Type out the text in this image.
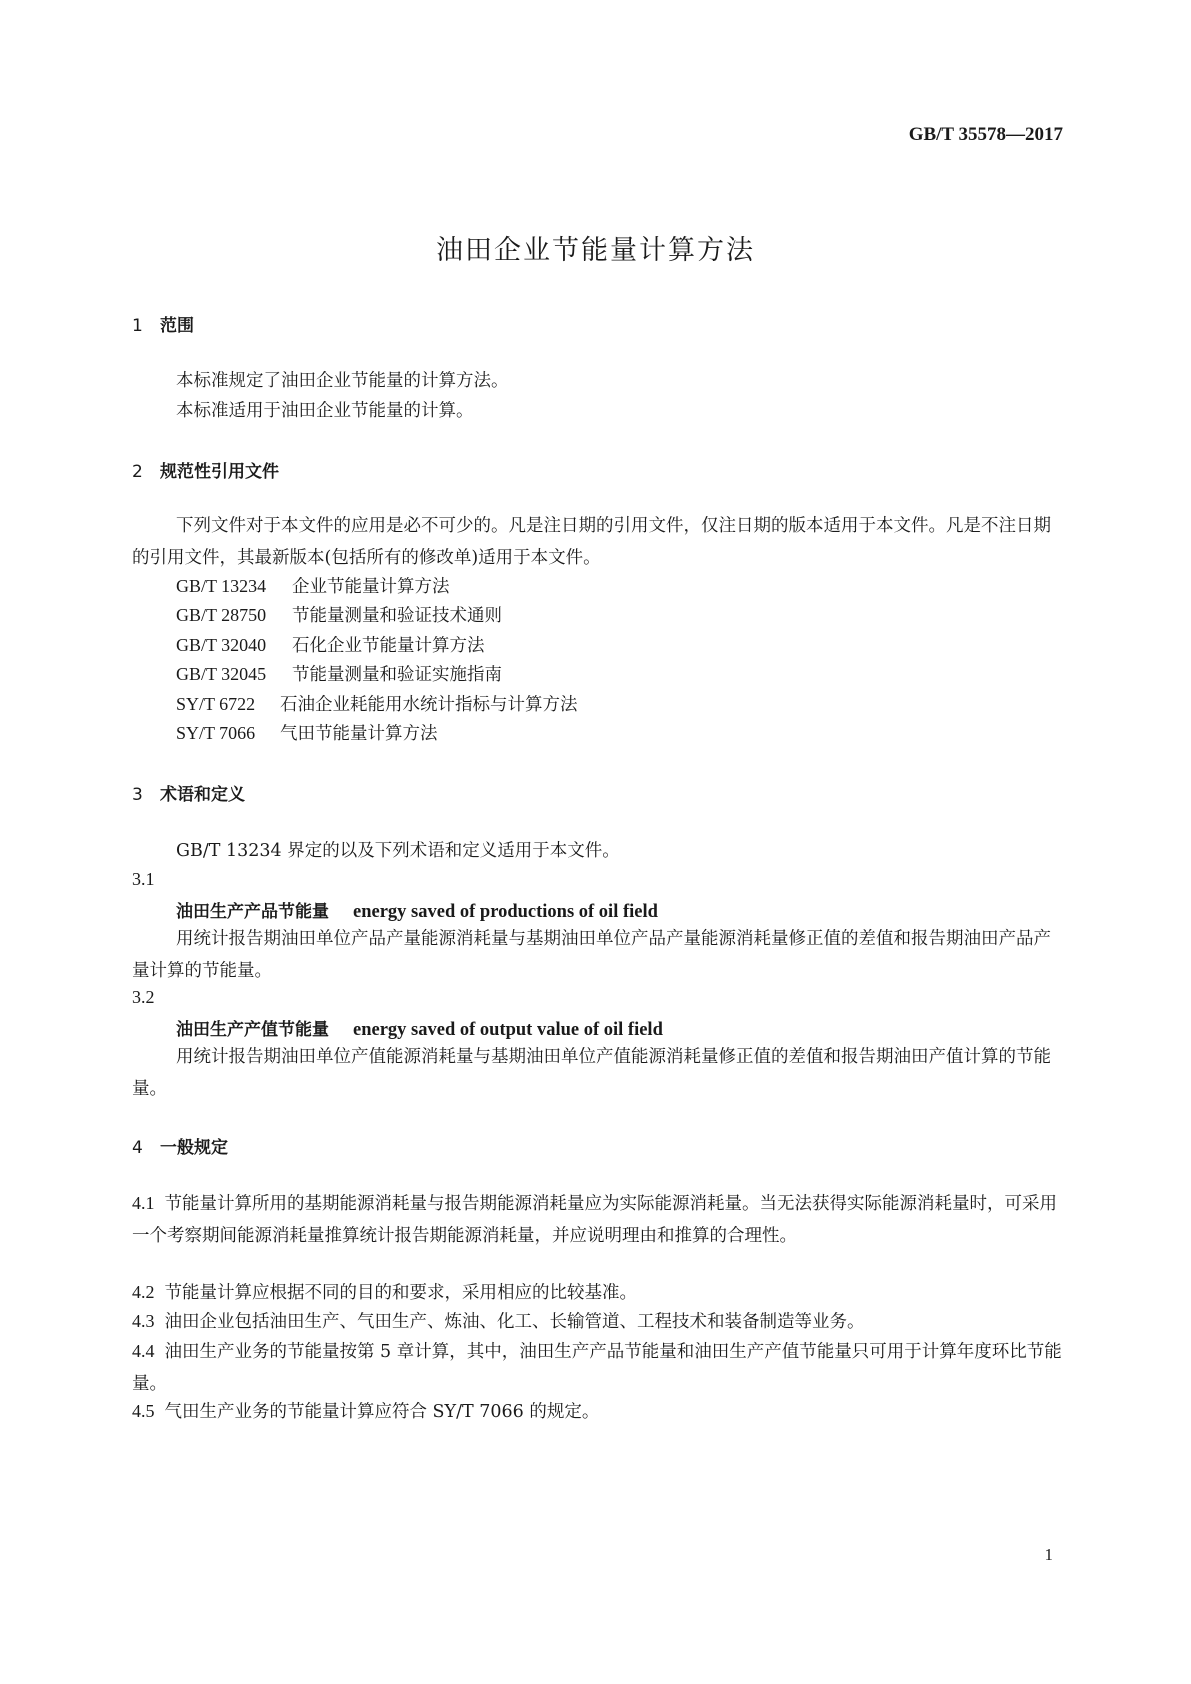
GB/T 35578—2017
油田企业节能量计算方法
1 范围
本标准规定了油田企业节能量的计算方法。
本标准适用于油田企业节能量的计算。
2 规范性引用文件
下列文件对于本文件的应用是必不可少的。凡是注日期的引用文件，仅注日期的版本适用于本文件。凡是不注日期的引用文件，其最新版本(包括所有的修改单)适用于本文件。
GB/T 13234 企业节能量计算方法
GB/T 28750 节能量测量和验证技术通则
GB/T 32040 石化企业节能量计算方法
GB/T 32045 节能量测量和验证实施指南
SY/T 6722 石油企业耗能用水统计指标与计算方法
SY/T 7066 气田节能量计算方法
3 术语和定义
GB/T 13234 界定的以及下列术语和定义适用于本文件。
3.1
油田生产产品节能量 energy saved of productions of oil field
用统计报告期油田单位产品产量能源消耗量与基期油田单位产品产量能源消耗量修正值的差值和报告期油田产品产量计算的节能量。
3.2
油田生产产值节能量 energy saved of output value of oil field
用统计报告期油田单位产值能源消耗量与基期油田单位产值能源消耗量修正值的差值和报告期油田产值计算的节能量。
4 一般规定
4.1 节能量计算所用的基期能源消耗量与报告期能源消耗量应为实际能源消耗量。当无法获得实际能源消耗量时，可采用一个考察期间能源消耗量推算统计报告期能源消耗量，并应说明理由和推算的合理性。
4.2 节能量计算应根据不同的目的和要求，采用相应的比较基准。
4.3 油田企业包括油田生产、气田生产、炼油、化工、长输管道、工程技术和装备制造等业务。
4.4 油田生产业务的节能量按第 5 章计算，其中，油田生产产品节能量和油田生产产值节能量只可用于计算年度环比节能量。
4.5 气田生产业务的节能量计算应符合 SY/T 7066 的规定。
1
